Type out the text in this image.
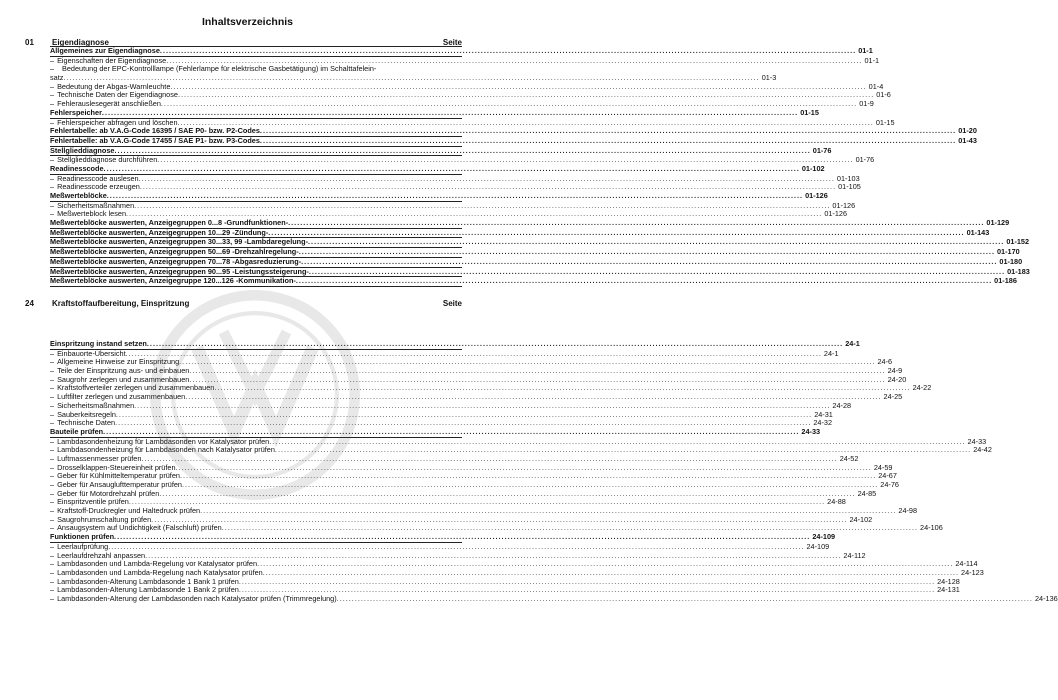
Inhaltsverzeichnis
01 Eigendiagnose	Seite
Allgemeines zur Eigendiagnose .....	01-1
– Eigenschaften der Eigendiagnose .....	01-1
–	Bedeutung der EPC-Kontrolllampe (Fehlerlampe für elektrische Gasbetätigung) im Schalttafelein-
satz .....	01-3
– Bedeutung der Abgas-Warnleuchte .....	01-4
– Technische Daten der Eigendiagnose .....	01-6
– Fehlerauslesegerät anschließen .....	01-9
Fehlerspeicher .....	01-15
– Fehlerspeicher abfragen und löschen .....	01-15
Fehlertabelle: ab V.A.G-Code 16395 / SAE P0- bzw. P2-Codes .....	01-20
Fehlertabelle: ab V.A.G-Code 17455 / SAE P1- bzw. P3-Codes .....	01-43
Stellglieddiagnose .....	01-76
– Stellglieddiagnose durchführen .....	01-76
Readinesscode .....	01-102
– Readinesscode auslesen .....	01-103
– Readinesscode erzeugen .....	01-105
Meßwerteblöcke .....	01-126
– Sicherheitsmaßnahmen .....	01-126
– Meßwerteblock lesen .....	01-126
Meßwerteblöcke auswerten, Anzeigegruppen 0...8 -Grundfunktionen- .....	01-129
Meßwerteblöcke auswerten, Anzeigegruppen 10...29 -Zündung- .....	01-143
Meßwerteblöcke auswerten, Anzeigegruppen 30...33, 99 -Lambdaregelung- .....	01-152
Meßwerteblöcke auswerten, Anzeigegruppen 50...69 -Drehzahlregelung- .....	01-170
Meßwerteblöcke auswerten, Anzeigegruppen 70...78 -Abgasreduzierung- .....	01-180
Meßwerteblöcke auswerten, Anzeigegruppen 90...95 -Leistungssteigerung- .....	01-183
Meßwerteblöcke auswerten, Anzeigegruppe 120...126 -Kommunikation- .....	01-186
24 Kraftstoffaufbereitung, Einspritzung	Seite
Einspritzung instand setzen .....	24-1
– Einbauorte-Übersicht .....	24-1
– Allgemeine Hinweise zur Einspritzung .....	24-6
– Teile der Einspritzung aus- und einbauen .....	24-9
– Saugrohr zerlegen und zusammenbauen .....	24-20
– Kraftstoffverteiler zerlegen und zusammenbauen .....	24-22
– Luftfilter zerlegen und zusammenbauen .....	24-25
– Sicherheitsmaßnahmen .....	24-28
– Sauberkeitsregeln .....	24-31
– Technische Daten .....	24-32
Bauteile prüfen .....	24-33
– Lambdasondenheizung für Lambdasonden vor Katalysator prüfen .....	24-33
– Lambdasondenheizung für Lambdasonden nach Katalysator prüfen .....	24-42
– Luftmassenmesser prüfen .....	24-52
– Drosselklappen-Steuereinheit prüfen .....	24-59
– Geber für Kühlmitteltemperatur prüfen .....	24-67
– Geber für Ansauglufttemperatur prüfen .....	24-76
– Geber für Motordrehzahl prüfen .....	24-85
– Einspritzventile prüfen .....	24-88
– Kraftstoff-Druckregler und Haltedruck prüfen .....	24-98
– Saugrohrumschaltung prüfen .....	24-102
– Ansaugsystem auf Undichtigkeit (Falschluft) prüfen .....	24-106
Funktionen prüfen .....	24-109
– Leerlaufprüfung .....	24-109
– Leerlaufdrehzahl anpassen .....	24-112
– Lambdasonden und Lambda-Regelung vor Katalysator prüfen .....	24-114
– Lambdasonden und Lambda-Regelung nach Katalysator prüfen .....	24-123
– Lambdasonden-Alterung Lambdasonde 1 Bank 1 prüfen .....	24-128
– Lambdasonden-Alterung Lambdasonde 1 Bank 2 prüfen .....	24-131
– Lambdasonden-Alterung der Lambdasonden nach Katalysator prüfen (Trimmregelung) .....	24-136
